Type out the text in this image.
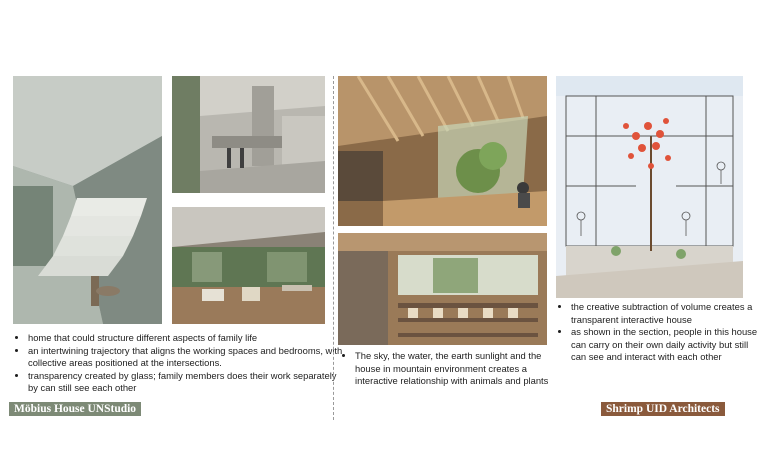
• home that could structure different aspects of family life
• an intertwining trajectory that aligns the working spaces and bedrooms, with collective areas positioned at the intersections.
• transparency created by glass; family members does their work separately by can still see each other
Möbius House UNStudio
• The sky, the water, the earth sunlight and the house in mountain environment creates a interactive relationship with animals and plants
• the creative subtraction of volume creates a transparent interactive house
• as shown in the section, people in this house can carry on their own daily activity but still can see and interact with each other
Shrimp UID Architects
